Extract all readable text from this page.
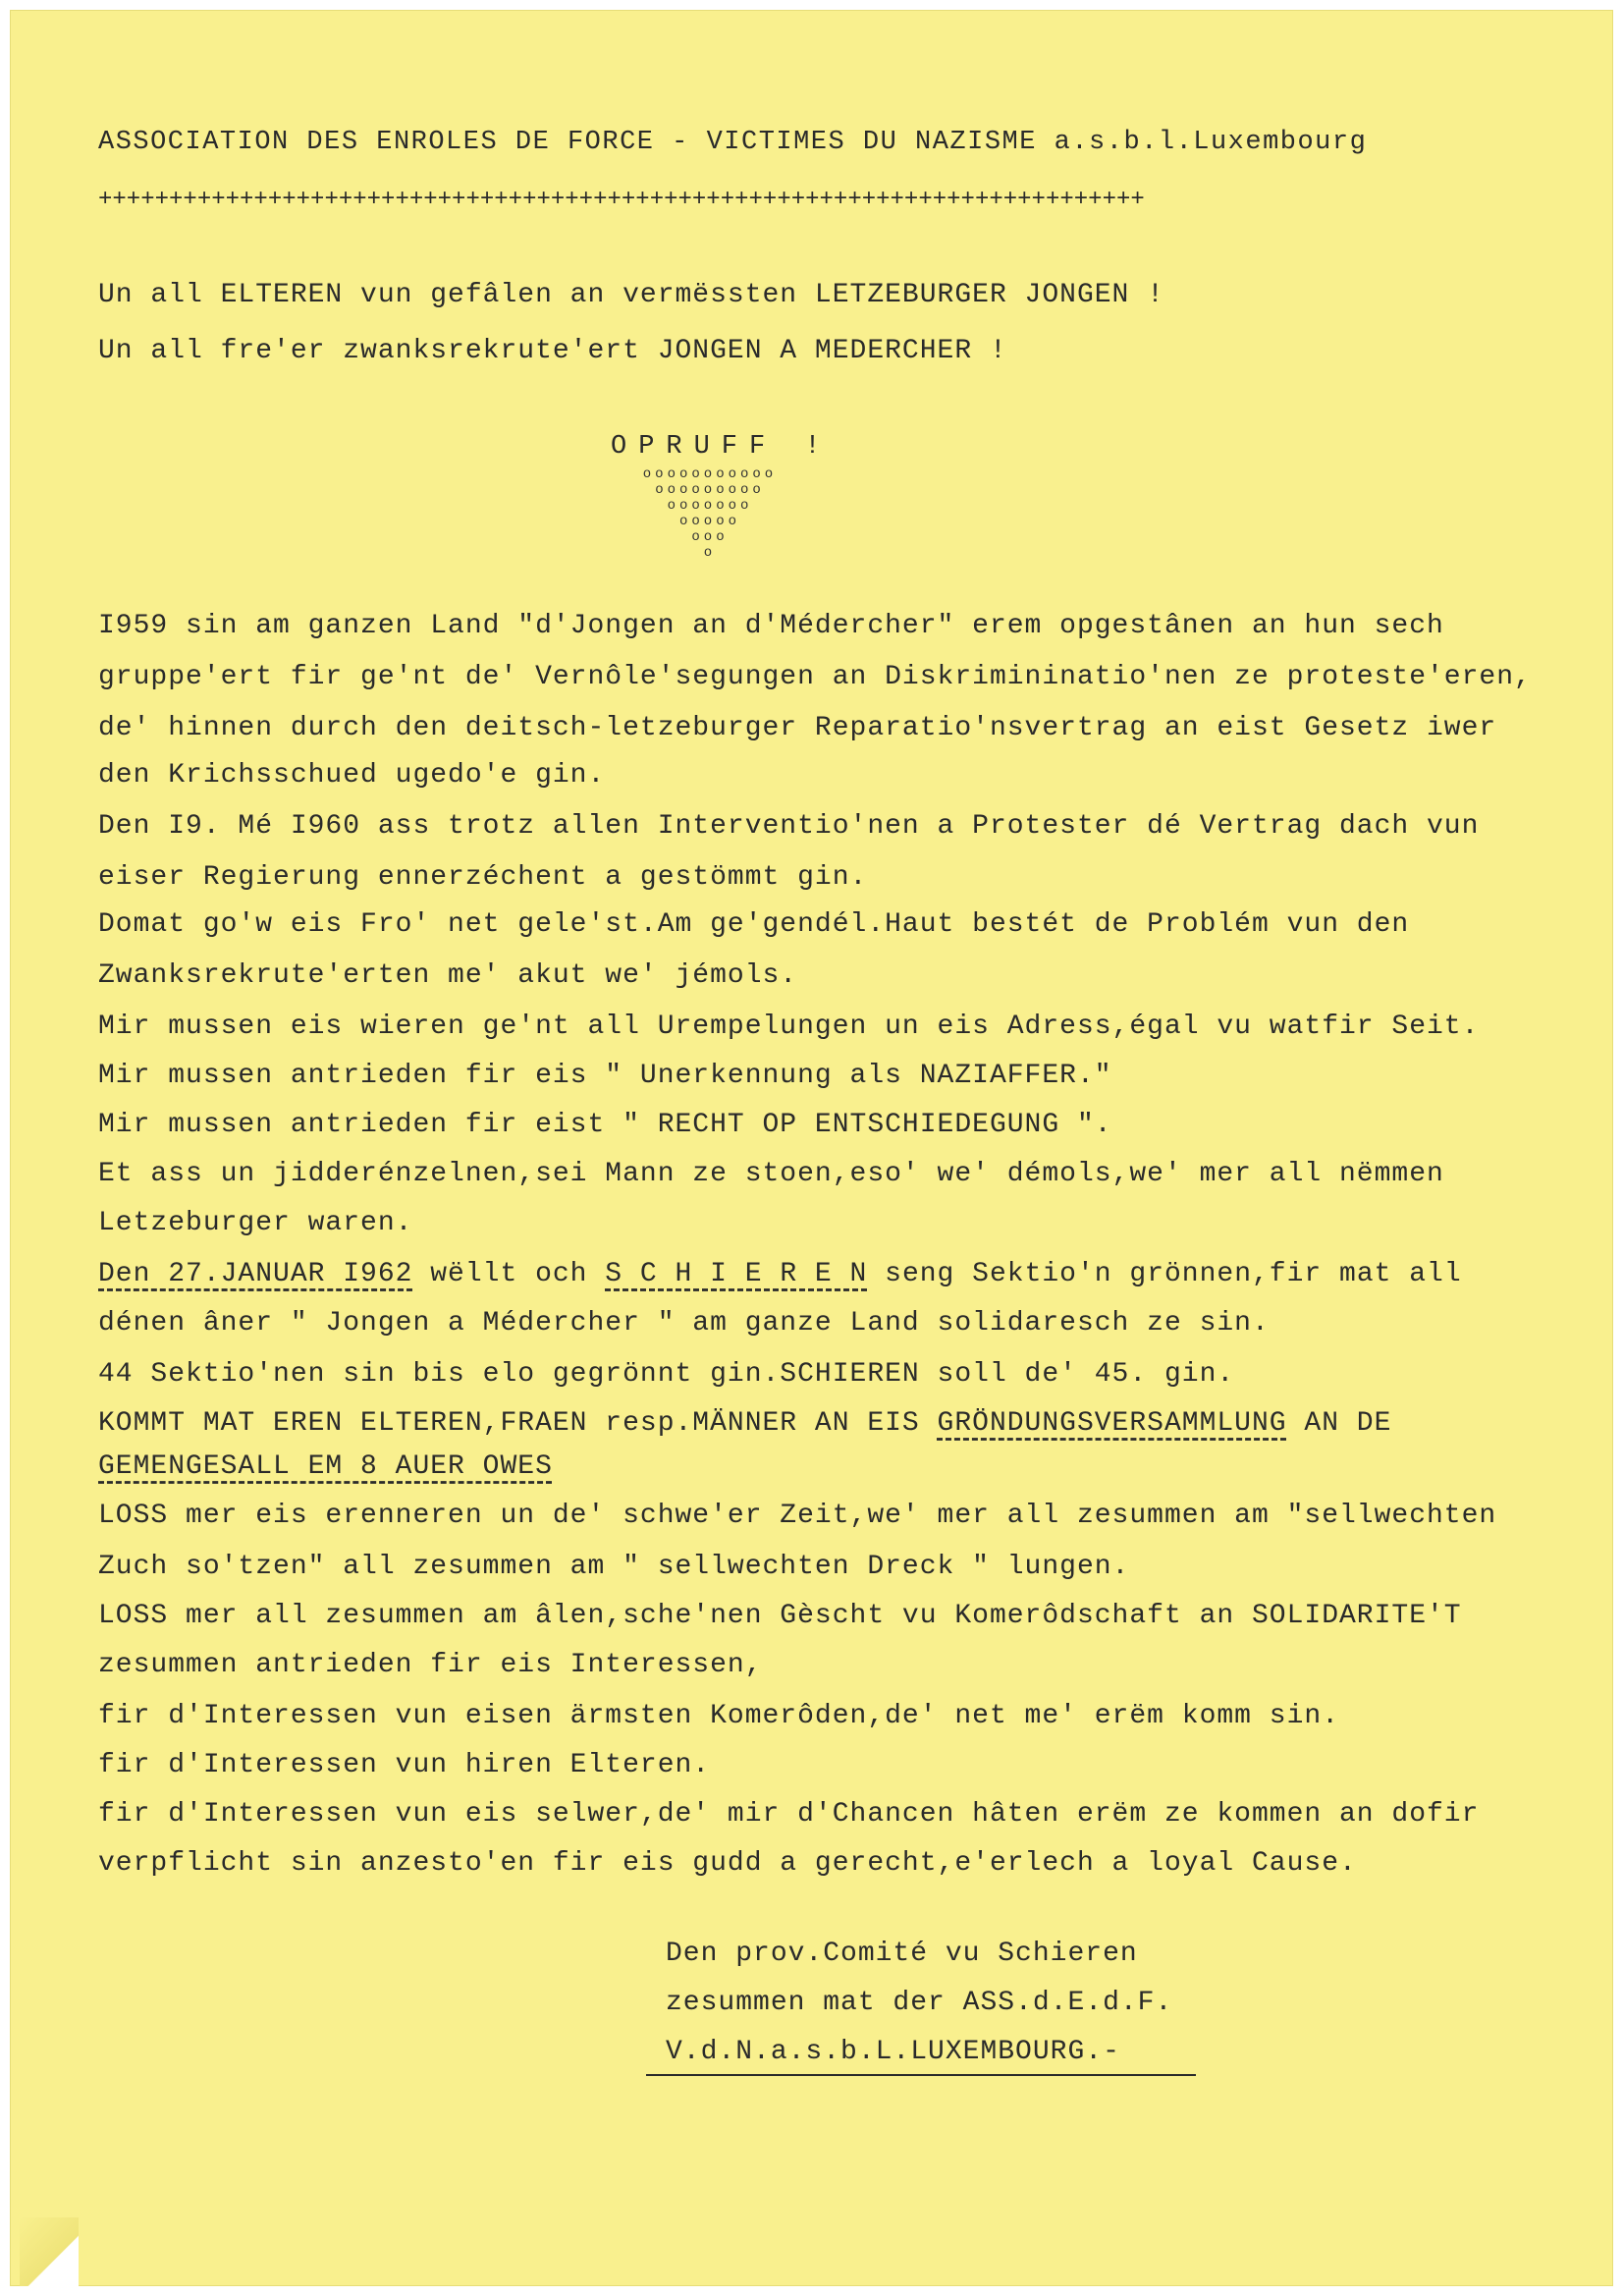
ASSOCIATION DES ENROLES DE FORCE - VICTIMES DU NAZISME a.s.b.l.Luxembourg
++++++++++++++++++++++++++++++++++++++++++++++++++++++++++++++++++++++++++
Un all ELTEREN vun gefâlen an vermëssten LETZEBURGER JONGEN !
Un all fre'er zwanksrekrute'ert JONGEN A MEDERCHER !
OPRUFF !
ooooooooooo
ooooooooo
ooooooo
ooooo
ooo
o
I959 sin am ganzen Land "d'Jongen an d'Médercher" erem opgestânen an hun sech
gruppe'ert fir ge'nt de' Vernôle'segungen an Diskrimininatio'nen ze proteste'eren,
de' hinnen durch den deitsch-letzeburger Reparatio'nsvertrag an eist Gesetz iwer
den Krichsschued ugedo'e gin.
Den I9. Mé I960 ass trotz allen Interventio'nen a Protester dé Vertrag dach vun
eiser Regierung ennerzéchent a gestömmt gin.
Domat go'w eis Fro' net gele'st.Am ge'gendél.Haut bestét de Problém vun den
Zwanksrekrute'erten me' akut we' jémols.
Mir mussen eis wieren ge'nt all Urempelungen un eis Adress,égal vu watfir Seit.
Mir mussen antrieden fir eis " Unerkennung als NAZIAFFER."
Mir mussen antrieden fir eist " RECHT OP ENTSCHIEDEGUNG ".
Et ass un jidderénzelnen,sei Mann ze stoen,eso' we' démols,we' mer all nëmmen
Letzeburger waren.
Den 27.JANUAR I962 wëllt och S C H I E R E N seng Sektio'n grönnen,fir mat all
dénen âner " Jongen a Médercher " am ganze Land solidaresch ze sin.
44 Sektio'nen sin bis elo gegrönnt gin.SCHIEREN soll de' 45. gin.
KOMMT MAT EREN ELTEREN,FRAEN resp.MÄNNER AN EIS GRÖNDUNGSVERSAMMLUNG AN DE
GEMENGESALL EM 8 AUER OWES
LOSS mer eis erenneren un de' schwe'er Zeit,we' mer all zesummen am "sellwechten
Zuch so'tzen" all zesummen am " sellwechten Dreck " lungen.
LOSS mer all zesummen am âlen,sche'nen Gèscht vu Komerôdschaft an SOLIDARITE'T
zesummen antrieden fir eis Interessen,
fir d'Interessen vun eisen ärmsten Komerôden,de' net me' erëm komm sin.
fir d'Interessen vun hiren Elteren.
fir d'Interessen vun eis selwer,de' mir d'Chancen hâten erëm ze kommen an dofir
verpflicht sin anzesto'en fir eis gudd a gerecht,e'erlech a loyal Cause.
Den prov.Comité vu Schieren
zesummen mat der ASS.d.E.d.F.
V.d.N.a.s.b.L.LUXEMBOURG.-
